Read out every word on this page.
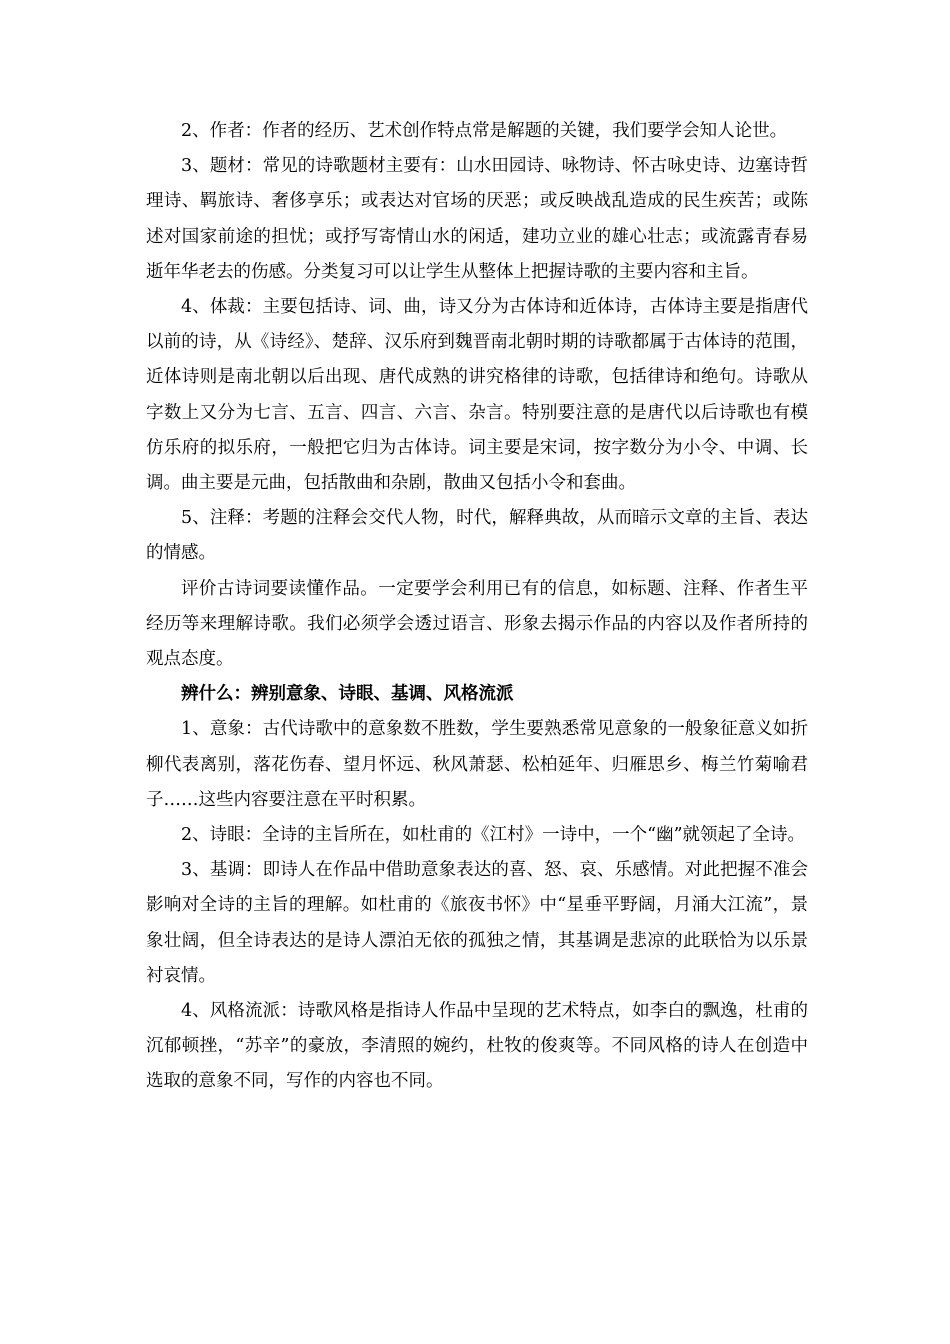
2、作者：作者的经历、艺术创作特点常是解题的关键，我们要学会知人论世。

3、题材：常见的诗歌题材主要有：山水田园诗、咏物诗、怀古咏史诗、边塞诗哲理诗、羁旅诗、奢侈享乐；或表达对官场的厌恶；或反映战乱造成的民生疾苦；或陈述对国家前途的担忧；或抒写寄情山水的闲适，建功立业的雄心壮志；或流露青春易逝年华老去的伤感。分类复习可以让学生从整体上把握诗歌的主要内容和主旨。

4、体裁：主要包括诗、词、曲，诗又分为古体诗和近体诗，古体诗主要是指唐代以前的诗，从《诗经》、楚辞、汉乐府到魏晋南北朝时期的诗歌都属于古体诗的范围，近体诗则是南北朝以后出现、唐代成熟的讲究格律的诗歌，包括律诗和绝句。诗歌从字数上又分为七言、五言、四言、六言、杂言。特别要注意的是唐代以后诗歌也有模仿乐府的拟乐府，一般把它归为古体诗。词主要是宋词，按字数分为小令、中调、长调。曲主要是元曲，包括散曲和杂剧，散曲又包括小令和套曲。

5、注释：考题的注释会交代人物，时代，解释典故，从而暗示文章的主旨、表达的情感。

评价古诗词要读懂作品。一定要学会利用已有的信息，如标题、注释、作者生平经历等来理解诗歌。我们必须学会透过语言、形象去揭示作品的内容以及作者所持的观点态度。

辨什么：辨别意象、诗眼、基调、风格流派

1、意象：古代诗歌中的意象数不胜数，学生要熟悉常见意象的一般象征意义如折柳代表离别，落花伤春、望月怀远、秋风萧瑟、松柏延年、归雁思乡、梅兰竹菊喻君子……这些内容要注意在平时积累。

2、诗眼：全诗的主旨所在，如杜甫的《江村》一诗中，一个“幽”就领起了全诗。

3、基调：即诗人在作品中借助意象表达的喜、怒、哀、乐感情。对此把握不准会影响对全诗的主旨的理解。如杜甫的《旅夜书怀》中“星垂平野阔，月涌大江流”，景象壮阔，但全诗表达的是诗人漂泊无依的孤独之情，其基调是悲凉的此联恰为以乐景衬哀情。

4、风格流派：诗歌风格是指诗人作品中呈现的艺术特点，如李白的飘逸，杜甫的沉郁顿挫，“苏辛”的豪放，李清照的婉约，杜牧的俊爽等。不同风格的诗人在创造中选取的意象不同，写作的内容也不同。
